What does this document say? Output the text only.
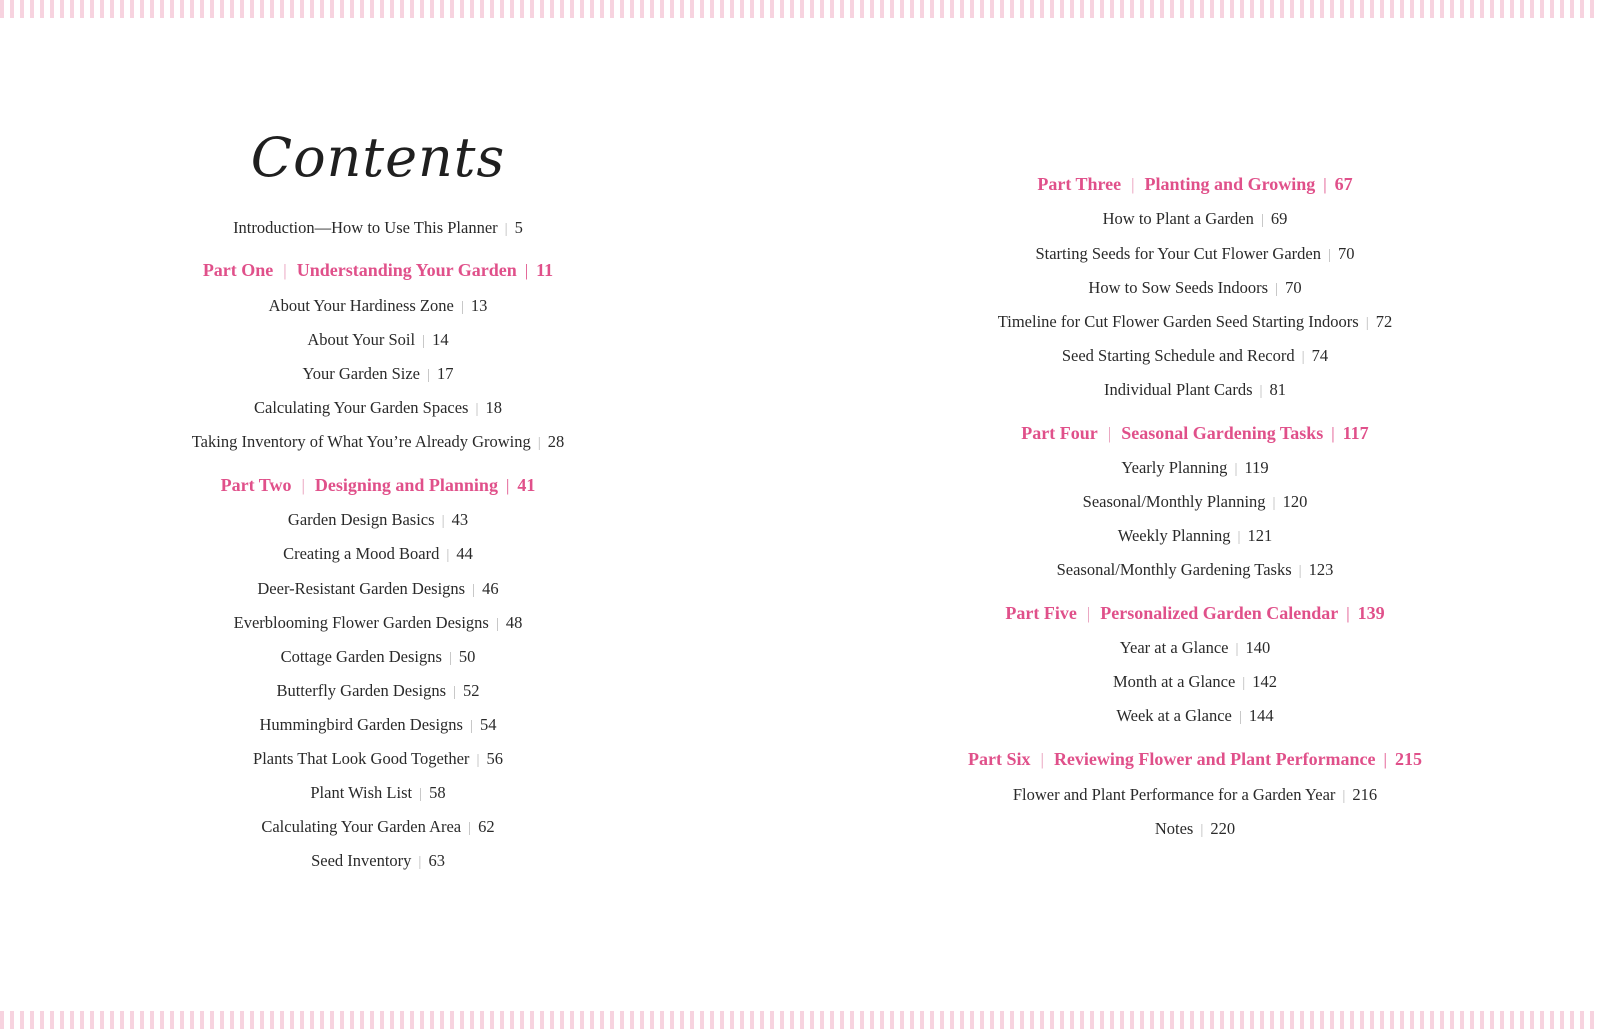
Contents
Introduction—How to Use This Planner | 5
Part One | Understanding Your Garden | 11
About Your Hardiness Zone | 13
About Your Soil | 14
Your Garden Size | 17
Calculating Your Garden Spaces | 18
Taking Inventory of What You’re Already Growing | 28
Part Two | Designing and Planning | 41
Garden Design Basics | 43
Creating a Mood Board | 44
Deer-Resistant Garden Designs | 46
Everblooming Flower Garden Designs | 48
Cottage Garden Designs | 50
Butterfly Garden Designs | 52
Hummingbird Garden Designs | 54
Plants That Look Good Together | 56
Plant Wish List | 58
Calculating Your Garden Area | 62
Seed Inventory | 63
Part Three | Planting and Growing | 67
How to Plant a Garden | 69
Starting Seeds for Your Cut Flower Garden | 70
How to Sow Seeds Indoors | 70
Timeline for Cut Flower Garden Seed Starting Indoors | 72
Seed Starting Schedule and Record | 74
Individual Plant Cards | 81
Part Four | Seasonal Gardening Tasks | 117
Yearly Planning | 119
Seasonal/Monthly Planning | 120
Weekly Planning | 121
Seasonal/Monthly Gardening Tasks | 123
Part Five | Personalized Garden Calendar | 139
Year at a Glance | 140
Month at a Glance | 142
Week at a Glance | 144
Part Six | Reviewing Flower and Plant Performance | 215
Flower and Plant Performance for a Garden Year | 216
Notes | 220
